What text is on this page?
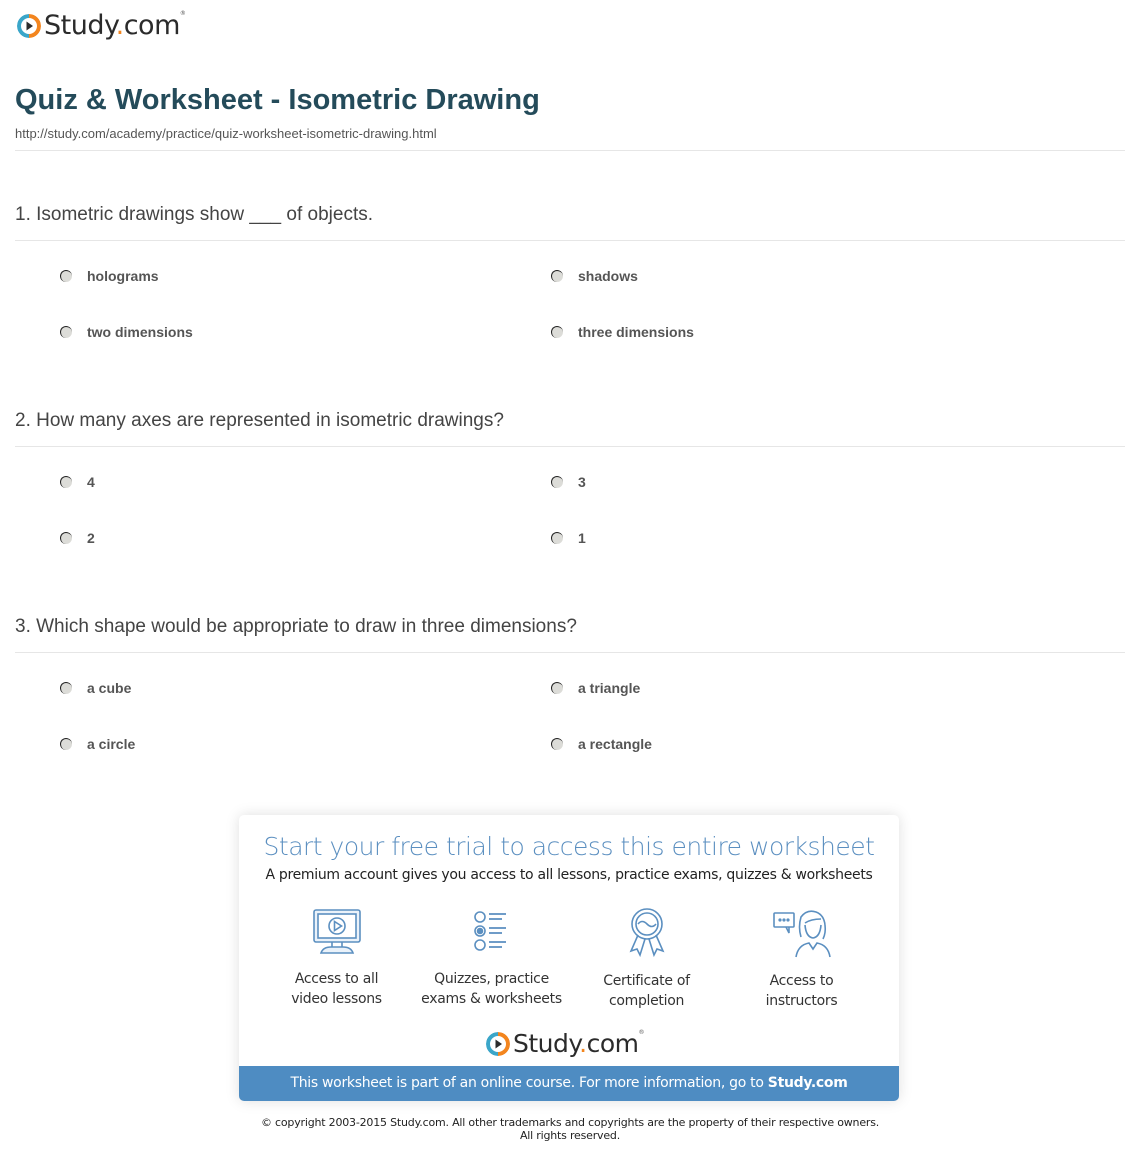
Study.com®
Quiz & Worksheet - Isometric Drawing
http://study.com/academy/practice/quiz-worksheet-isometric-drawing.html
1. Isometric drawings show ___ of objects.
holograms	shadows
two dimensions	three dimensions
2. How many axes are represented in isometric drawings?
4	3
2	1
3. Which shape would be appropriate to draw in three dimensions?
a cube	a triangle
a circle	a rectangle
Start your free trial to access this entire worksheet
A premium account gives you access to all lessons, practice exams, quizzes & worksheets
Access to all
video lessons
Quizzes, practice
exams & worksheets
Certificate of
completion
Access to
instructors
Study.com®
This worksheet is part of an online course. For more information, go to Study.com
© copyright 2003-2015 Study.com. All other trademarks and copyrights are the property of their respective owners.
All rights reserved.
